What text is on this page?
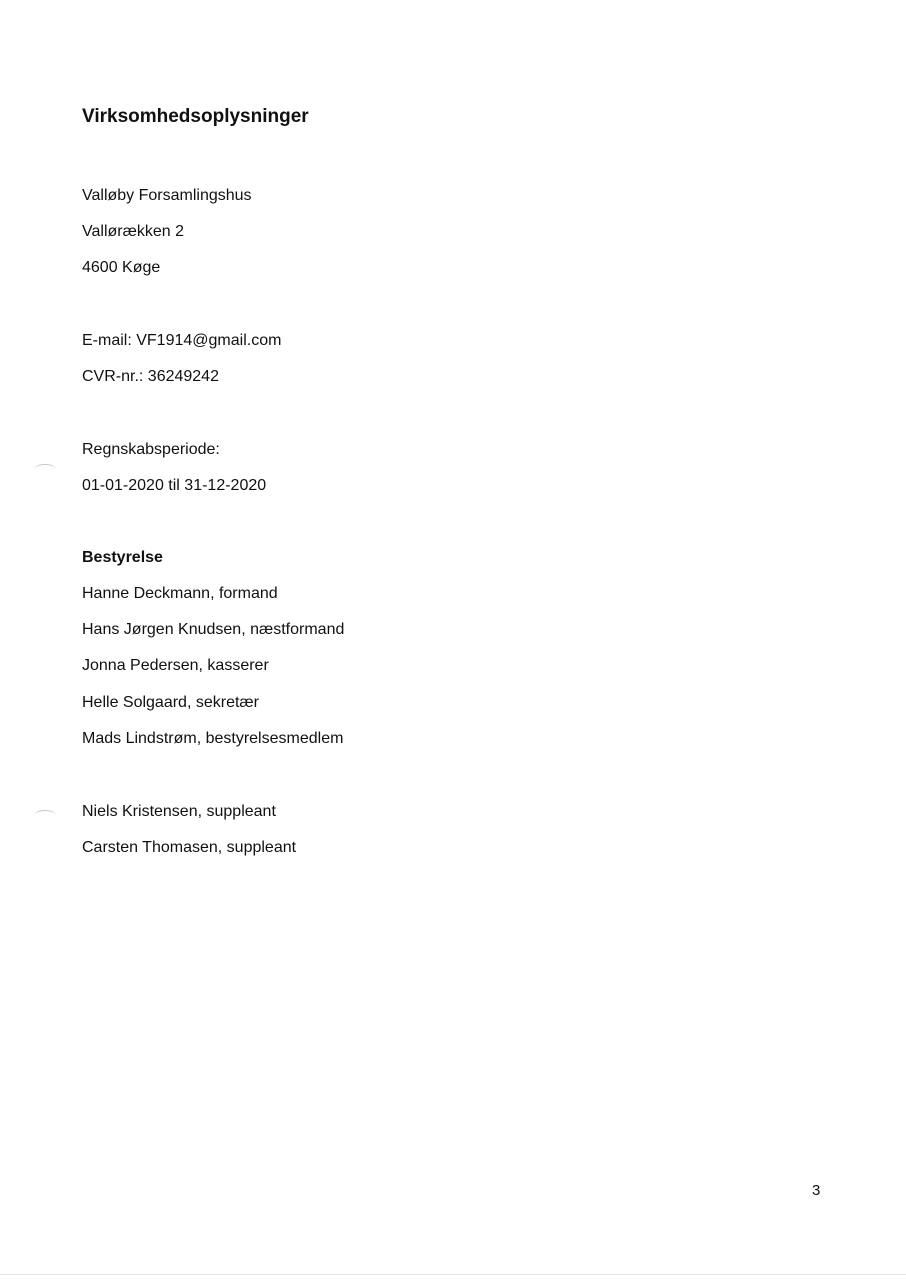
Virksomhedsoplysninger
Valløby Forsamlingshus
Vallørækken 2
4600 Køge
E-mail: VF1914@gmail.com
CVR-nr.: 36249242
Regnskabsperiode:
01-01-2020 til 31-12-2020
Bestyrelse
Hanne Deckmann, formand
Hans Jørgen Knudsen, næstformand
Jonna Pedersen, kasserer
Helle Solgaard, sekretær
Mads Lindstrøm, bestyrelsesmedlem
Niels Kristensen, suppleant
Carsten Thomasen, suppleant
3
